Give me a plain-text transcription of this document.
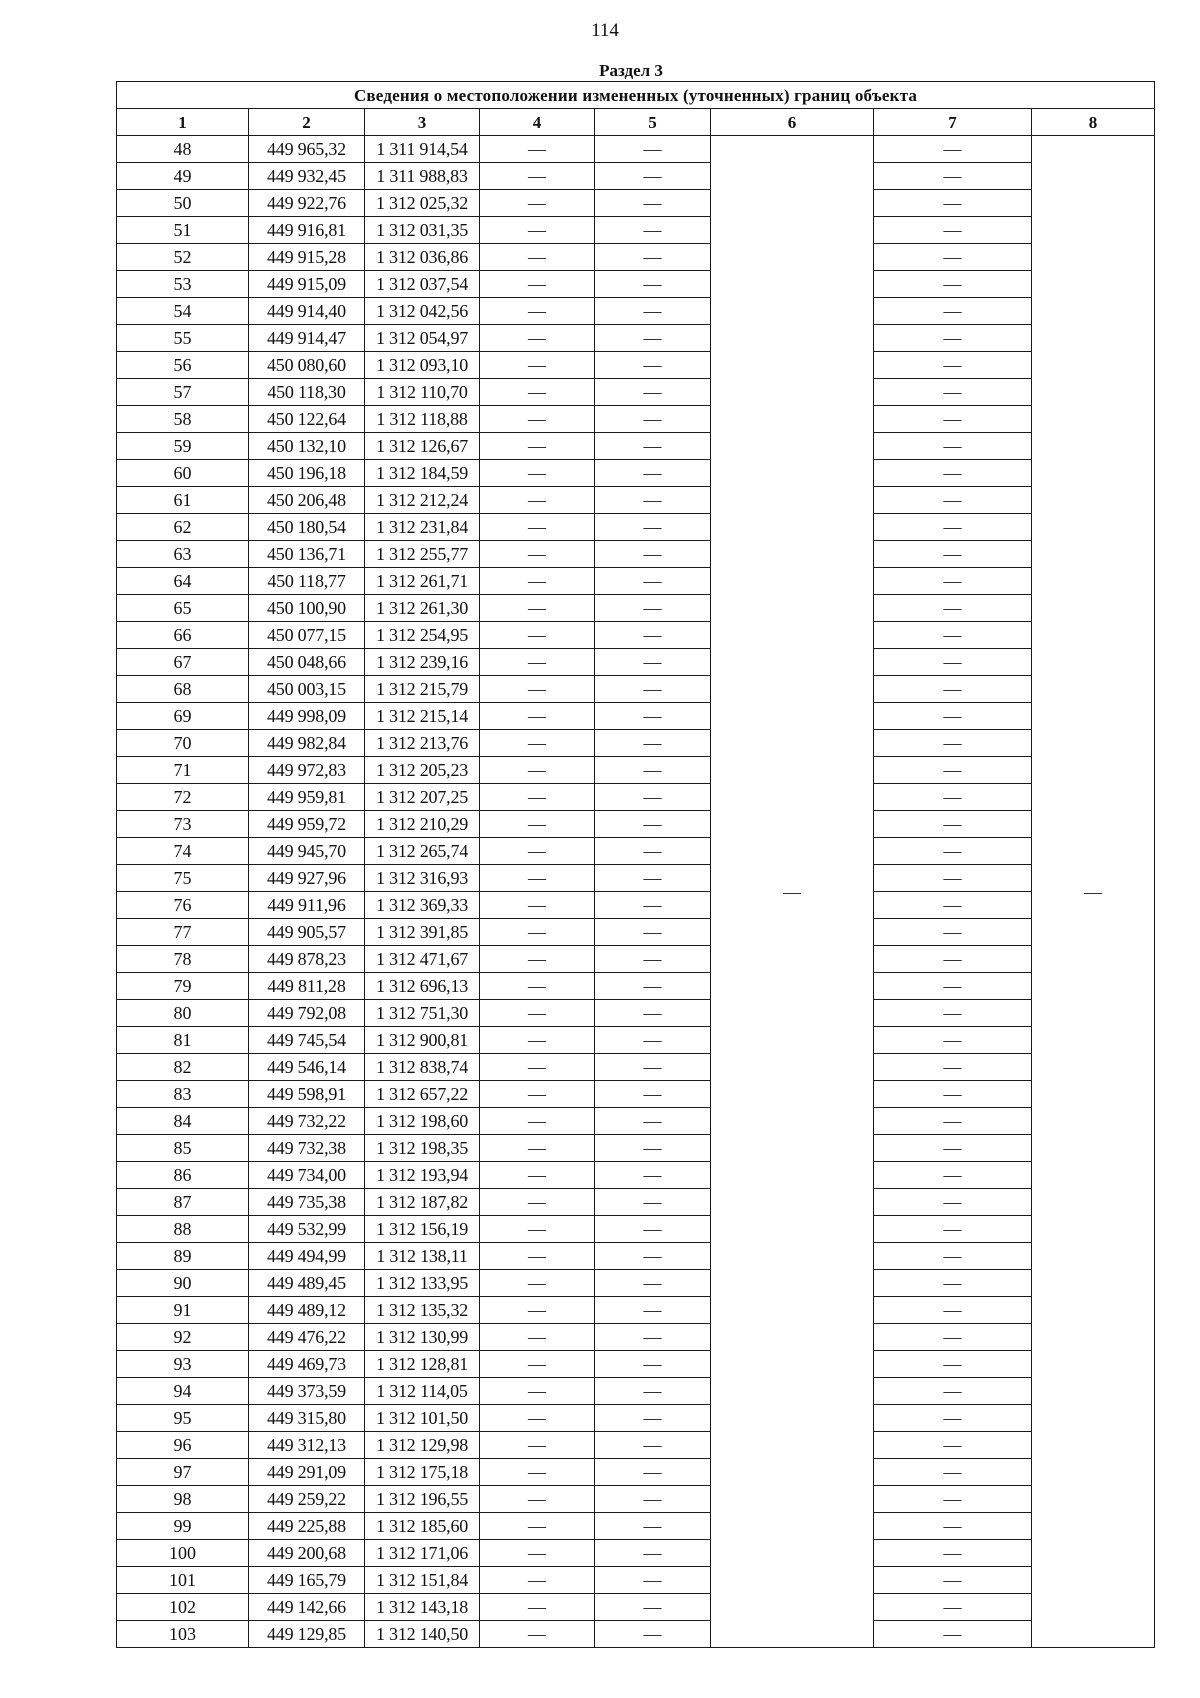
114
Раздел 3
Сведения о местоположении измененных (уточненных) границ объекта							
1	2	3	4	5	6	7	8
48	449 965,32	1 311 914,54	—	—	—	—	—
49	449 932,45	1 311 988,83	—	—		—	
50	449 922,76	1 312 025,32	—	—		—	
51	449 916,81	1 312 031,35	—	—		—	
52	449 915,28	1 312 036,86	—	—		—	
53	449 915,09	1 312 037,54	—	—		—	
54	449 914,40	1 312 042,56	—	—		—	
55	449 914,47	1 312 054,97	—	—		—	
56	450 080,60	1 312 093,10	—	—		—	
57	450 118,30	1 312 110,70	—	—		—	
58	450 122,64	1 312 118,88	—	—		—	
59	450 132,10	1 312 126,67	—	—		—	
60	450 196,18	1 312 184,59	—	—		—	
61	450 206,48	1 312 212,24	—	—		—	
62	450 180,54	1 312 231,84	—	—		—	
63	450 136,71	1 312 255,77	—	—		—	
64	450 118,77	1 312 261,71	—	—		—	
65	450 100,90	1 312 261,30	—	—		—	
66	450 077,15	1 312 254,95	—	—		—	
67	450 048,66	1 312 239,16	—	—		—	
68	450 003,15	1 312 215,79	—	—		—	
69	449 998,09	1 312 215,14	—	—		—	
70	449 982,84	1 312 213,76	—	—		—	
71	449 972,83	1 312 205,23	—	—		—	
72	449 959,81	1 312 207,25	—	—		—	
73	449 959,72	1 312 210,29	—	—		—	
74	449 945,70	1 312 265,74	—	—		—	
75	449 927,96	1 312 316,93	—	—		—	
76	449 911,96	1 312 369,33	—	—		—	
77	449 905,57	1 312 391,85	—	—		—	
78	449 878,23	1 312 471,67	—	—		—	
79	449 811,28	1 312 696,13	—	—		—	
80	449 792,08	1 312 751,30	—	—		—	
81	449 745,54	1 312 900,81	—	—		—	
82	449 546,14	1 312 838,74	—	—		—	
83	449 598,91	1 312 657,22	—	—		—	
84	449 732,22	1 312 198,60	—	—		—	
85	449 732,38	1 312 198,35	—	—		—	
86	449 734,00	1 312 193,94	—	—		—	
87	449 735,38	1 312 187,82	—	—		—	
88	449 532,99	1 312 156,19	—	—		—	
89	449 494,99	1 312 138,11	—	—		—	
90	449 489,45	1 312 133,95	—	—		—	
91	449 489,12	1 312 135,32	—	—		—	
92	449 476,22	1 312 130,99	—	—		—	
93	449 469,73	1 312 128,81	—	—		—	
94	449 373,59	1 312 114,05	—	—		—	
95	449 315,80	1 312 101,50	—	—		—	
96	449 312,13	1 312 129,98	—	—		—	
97	449 291,09	1 312 175,18	—	—		—	
98	449 259,22	1 312 196,55	—	—		—	
99	449 225,88	1 312 185,60	—	—		—	
100	449 200,68	1 312 171,06	—	—		—	
101	449 165,79	1 312 151,84	—	—		—	
102	449 142,66	1 312 143,18	—	—		—	
103	449 129,85	1 312 140,50	—	—		—	
